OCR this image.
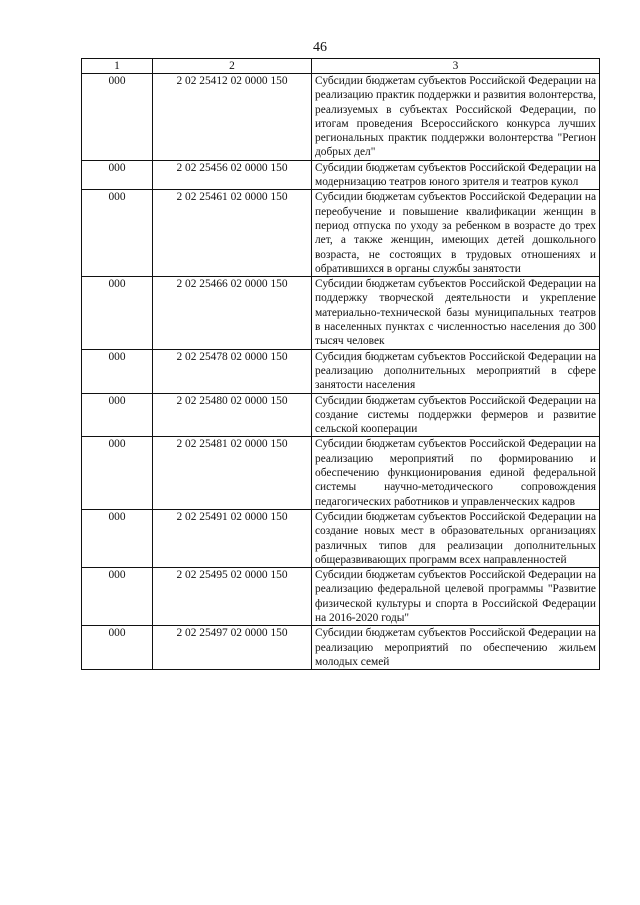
46
1	2	3
000	2 02 25412 02 0000 150	Субсидии бюджетам субъектов Российской Федерации на реализацию практик поддержки и развития волонтерства, реализуемых в субъектах Российской Федерации, по итогам проведения Всероссийского конкурса лучших региональных практик поддержки волонтерства "Регион добрых дел"
000	2 02 25456 02 0000 150	Субсидии бюджетам субъектов Российской Федерации на модернизацию театров юного зрителя и театров кукол
000	2 02 25461 02 0000 150	Субсидии бюджетам субъектов Российской Федерации на переобучение и повышение квалификации женщин в период отпуска по уходу за ребенком в возрасте до трех лет, а также женщин, имеющих детей дошкольного возраста, не состоящих в трудовых отношениях и обратившихся в органы службы занятости
000	2 02 25466 02 0000 150	Субсидии бюджетам субъектов Российской Федерации на поддержку творческой деятельности и укрепление материально-технической базы муниципальных театров в населенных пунктах с численностью населения до 300 тысяч человек
000	2 02 25478 02 0000 150	Субсидия бюджетам субъектов Российской Федерации на реализацию дополнительных мероприятий в сфере занятости населения
000	2 02 25480 02 0000 150	Субсидии бюджетам субъектов Российской Федерации на создание системы поддержки фермеров и развитие сельской кооперации
000	2 02 25481 02 0000 150	Субсидии бюджетам субъектов Российской Федерации на реализацию мероприятий по формированию и обеспечению функционирования единой федеральной системы научно-методического сопровождения педагогических работников и управленческих кадров
000	2 02 25491 02 0000 150	Субсидии бюджетам субъектов Российской Федерации на создание новых мест в образовательных организациях различных типов для реализации дополнительных общеразвивающих программ всех направленностей
000	2 02 25495 02 0000 150	Субсидии бюджетам субъектов Российской Федерации на реализацию федеральной целевой программы "Развитие физической культуры и спорта в Российской Федерации на 2016-2020 годы"
000	2 02 25497 02 0000 150	Субсидии бюджетам субъектов Российской Федерации на реализацию мероприятий по обеспечению жильем молодых семей
